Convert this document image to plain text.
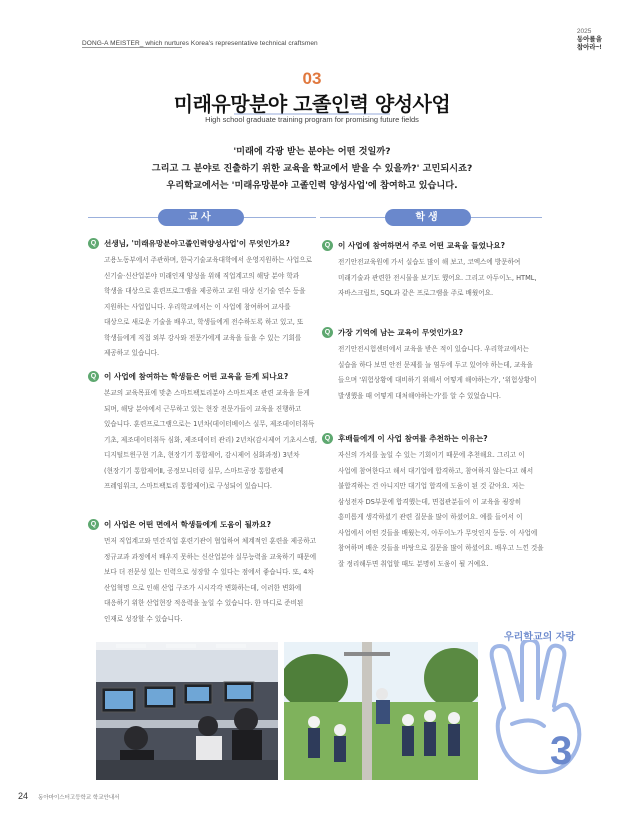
DONG-A MEISTER_ which nurtures Korea's representative technical craftsmen
2025
동아를을
참아라~!
03
미래유망분야 고졸인력 양성사업
High school graduate training program for promising future fields
'미래에 각광 받는 분야는 어떤 것일까?
그리고 그 분야로 진출하기 위한 교육을 학교에서 받을 수 있을까?' 고민되시죠?
우리학교에서는 '미래유망분야 고졸인력 양성사업'에 참여하고 있습니다.
교사	학생
Q	선생님, '미래유망분야고졸인력양성사업'이 무엇인가요?
고용노동부에서 주관하며, 한국기술교육대학에서 운영지원하는 사업으로 신기술·신산업분야 미래인재 양성을 위해 직업계고의 해당 분야 학과 학생을 대상으로 훈련프로그램을 제공하고 교원 대상 신기술 연수 등을 지원하는 사업입니다. 우리학교에서는 이 사업에 참여하여 교사를 대상으로 새로운 기술을 배우고, 학생들에게 전수하도록 하고 있고, 또 학생들에게 직접 외부 강사와 전문가에게 교육을 들을 수 있는 기회를 제공하고 있습니다.
Q	이 사업에 참여하는 학생들은 어떤 교육을 듣게 되나요?
본교의 교육목표에 맞춘 스마트팩토리분야 스마트제조 관련 교육을 듣게 되며, 해당 분야에서 근무하고 있는 현장 전문가들이 교육을 진행하고 있습니다. 훈련프로그램으로는 1년차(데이터베이스 실무, 제조데이터취득 기초, 제조데이터취득 심화, 제조데이터 관리) 2년차(감시제어 기초시스템, 디지털트윈구현 기초, 현장기기 통합제어, 감시제어 심화과정) 3년차(현장기기 통합제어Ⅱ, 공정모니터링 실무, 스마트공장 통합관제 프레임워크, 스마트팩토리 통합제어)로 구성되어 있습니다.
Q	이 사업은 어떤 면에서 학생들에게 도움이 될까요?
먼저 직업계고와 민간직업 훈련기관이 협업하여 체계적인 훈련을 제공하고 정규교과 과정에서 배우지 못하는 신산업분야 실무능력을 교육하기 때문에 보다 더 전문성 있는 인력으로 성장할 수 있다는 점에서 좋습니다. 또, 4차 산업혁명 으로 인해 산업 구조가 시시각각 변화하는데, 이러한 변화에 대응하기 위한 산업현장 적응력을 높일 수 있습니다. 한 마디로 준비된 인재로 성장할 수 있습니다.
Q	이 사업에 참여하면서 주로 어떤 교육을 들었나요?
전기안전교육원에 가서 실습도 많이 해 보고, 코엑스에 방문하여 미래기술과 관련한 전시물을 보기도 했어요. 그리고 아두이노, HTML, 자바스크립트, SQL과 같은 프로그램을 주로 배웠어요.
Q	가장 기억에 남는 교육이 무엇인가요?
전기안전시험센터에서 교육을 받은 적이 있습니다. 우리학교에서는 실습을 하다 보면 안전 문제를 늘 염두에 두고 있어야 하는데, 교육을 들으며 '위험상황에 대비하기 위해서 어떻게 해야하는가', '위험상황이 발생했을 때 어떻게 대처해야하는가'를 알 수 있었습니다.
Q	후배들에게 이 사업 참여를 추천하는 이유는?
자신의 가치를 높일 수 있는 기회이기 때문에 추천해요. 그리고 이 사업에 참여한다고 해서 대기업에 합격하고, 참여하지 않는다고 해서 불합격하는 건 아니지만 대기업 합격에 도움이 된 것 같아요. 저는 삼성전자 DS부문에 합격했는데, 면접관분들이 이 교육을 굉장히 흥미롭게 생각하셨기 관련 질문을 많이 하셨어요. 예를 들어서 이 사업에서 어떤 것들을 배웠는지, 아두이노가 무엇인지 등등. 이 사업에 참여하며 배운 것들을 바탕으로 질문을 많이 하셨어요. 배우고 느낀 것을 잘 정리해두면 취업할 때도 분명히 도움이 될 거예요.
우리학교의 자랑
3
24 동아마이스터고등학교 학교안내서
